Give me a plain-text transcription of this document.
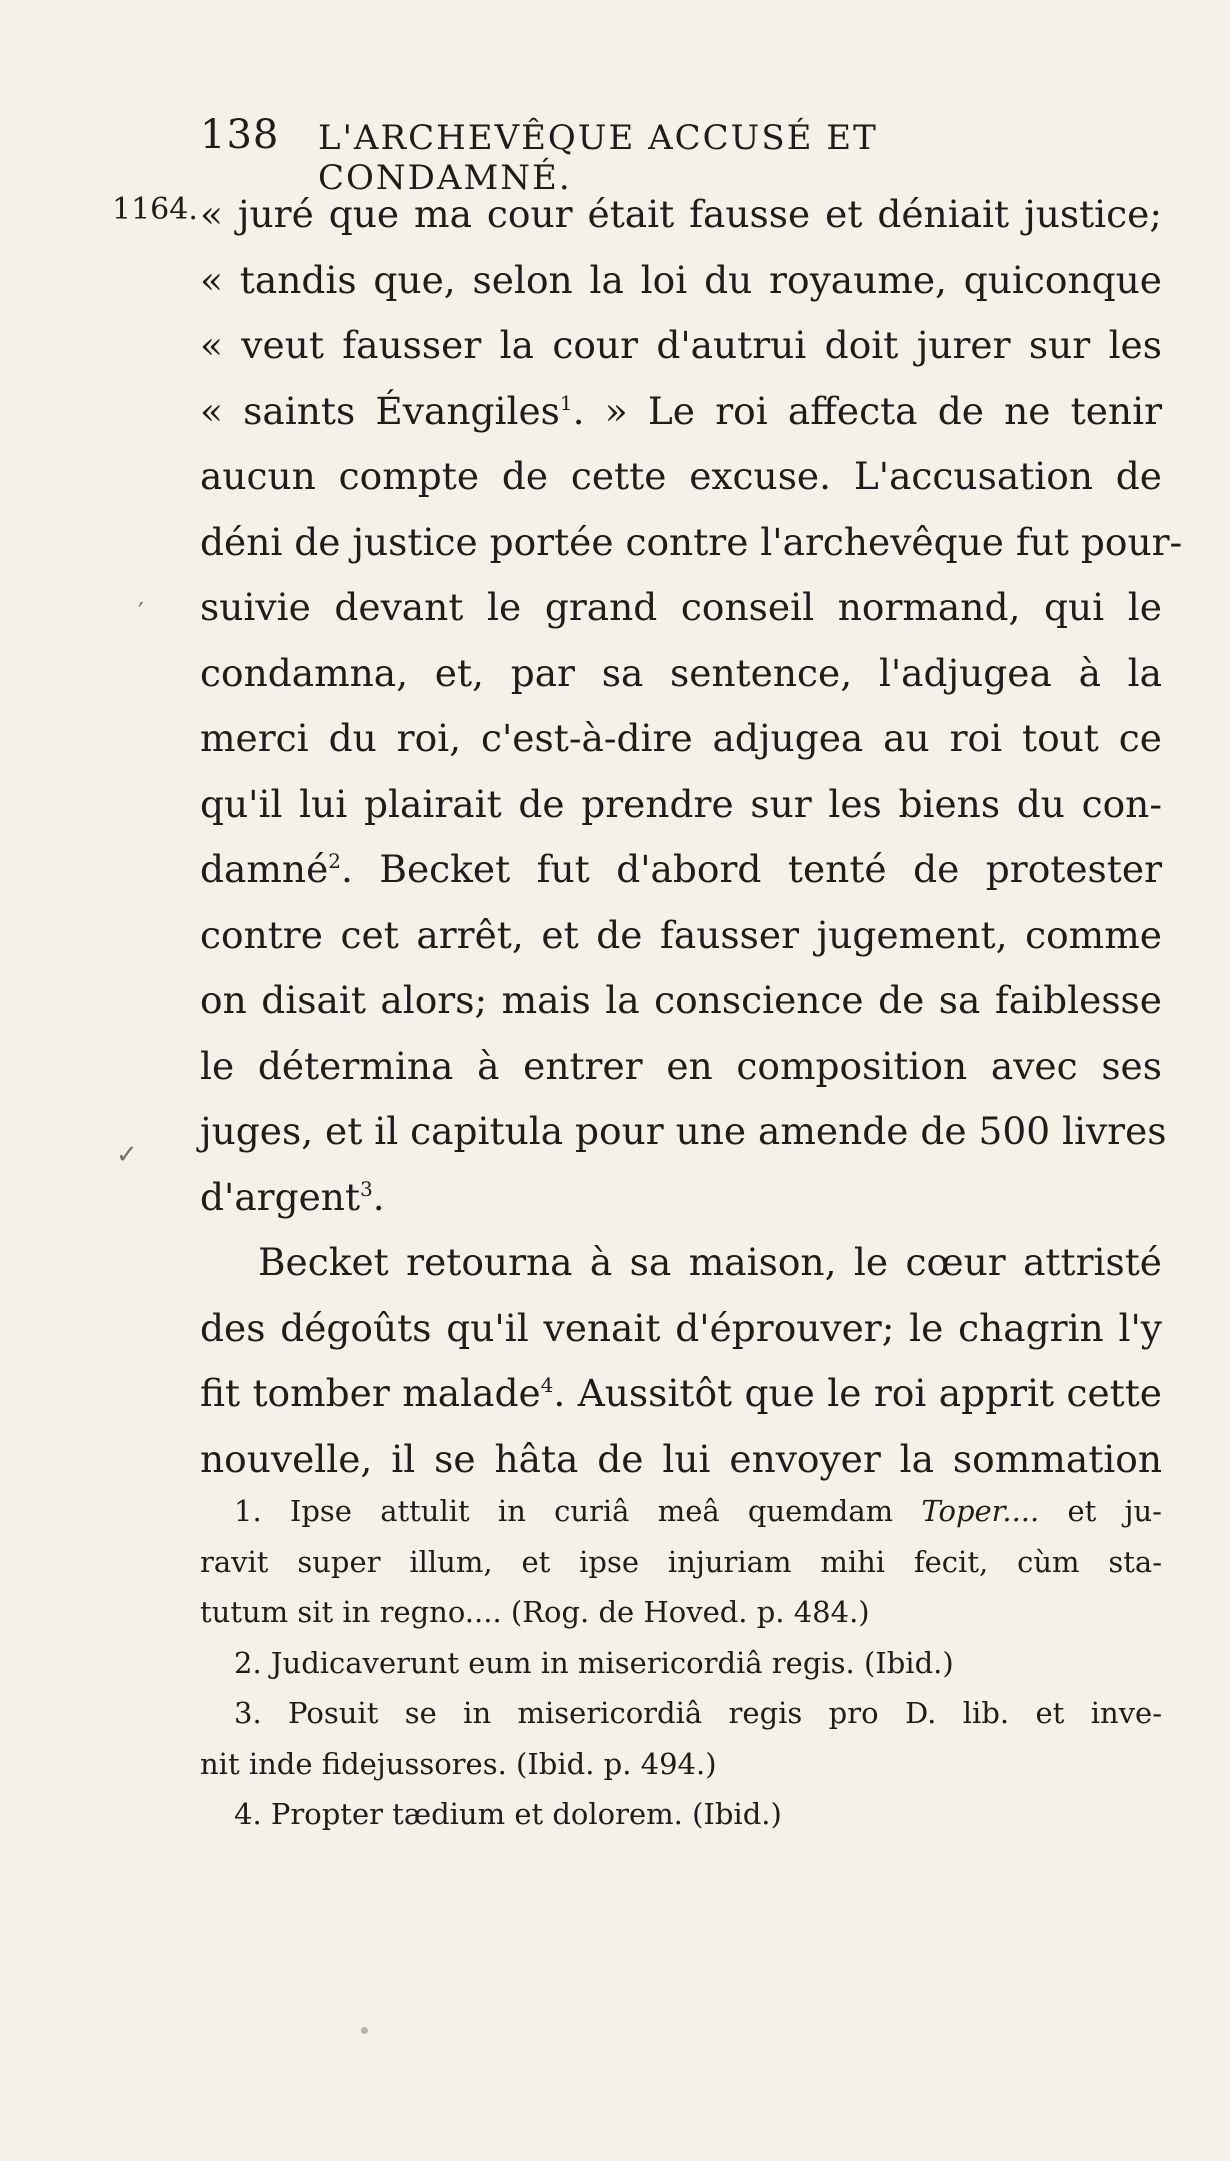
138 L'ARCHEVÊQUE ACCUSÉ ET CONDAMNÉ.
1164. « juré que ma cour était fausse et déniait justice;
« tandis que, selon la loi du royaume, quiconque
« veut fausser la cour d'autrui doit jurer sur les
« saints Évangiles$^1$. » Le roi affecta de ne tenir
aucun compte de cette excuse. L'accusation de
déni de justice portée contre l'archevêque fut pour-
suivie devant le grand conseil normand, qui le
condamna, et, par sa sentence, l'adjugea à la
merci du roi, c'est-à-dire adjugea au roi tout ce
qu'il lui plairait de prendre sur les biens du con-
damné$^2$. Becket fut d'abord tenté de protester
contre cet arrêt, et de fausser jugement, comme
on disait alors; mais la conscience de sa faiblesse
le détermina à entrer en composition avec ses
juges, et il capitula pour une amende de 500 livres
d'argent$^3$.
Becket retourna à sa maison, le cœur attristé
des dégoûts qu'il venait d'éprouver; le chagrin l'y
fit tomber malade$^4$. Aussitôt que le roi apprit cette
nouvelle, il se hâta de lui envoyer la sommation
1. Ipse attulit in curiâ meâ quemdam Toper.... et ju-
ravit super illum, et ipse injuriam mihi fecit, cùm sta-
tutum sit in regno.... (Rog. de Hoved. p. 484.)
2. Judicaverunt eum in misericordiâ regis. (Ibid.)
3. Posuit se in misericordiâ regis pro D. lib. et inve-
nit inde fidejussores. (Ibid. p. 494.)
4. Propter tædium et dolorem. (Ibid.)
′
✓
